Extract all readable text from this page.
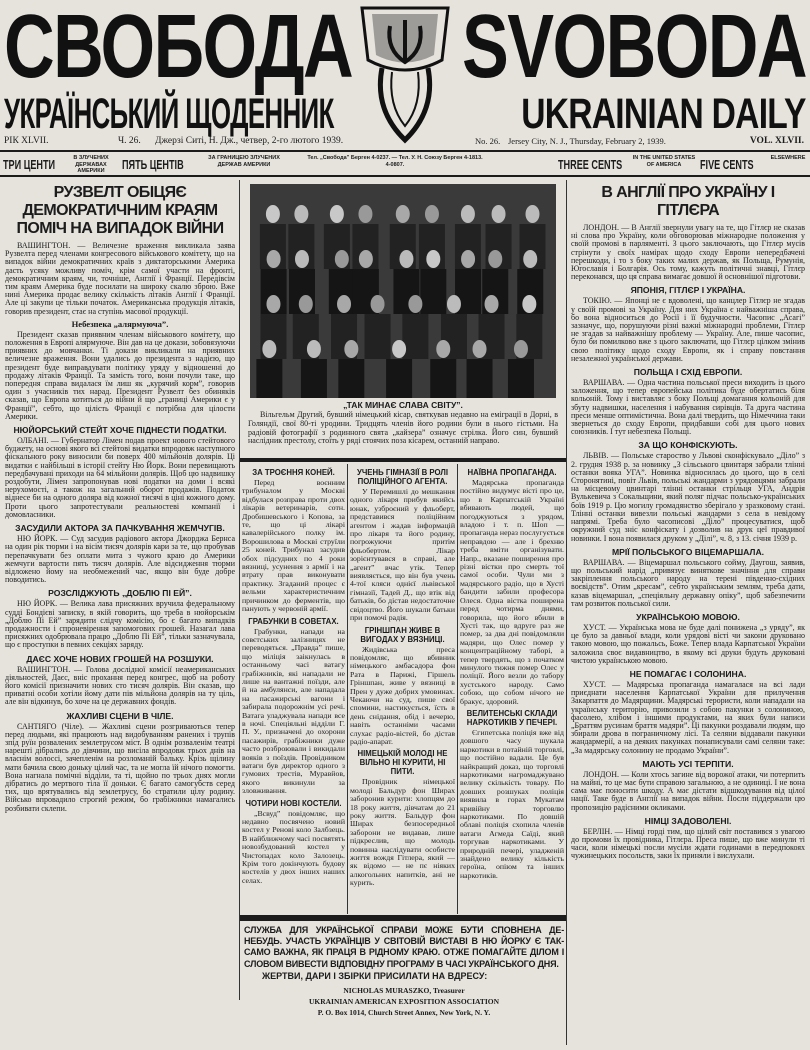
СВОБОДА SVOBODA
УКРАЇНСЬКИЙ ЩОДЕННИК	UKRAINIAN DAILY
РІК XLVII.	Ч. 26. Джерзі Ситі, Н. Дж., четвер, 2-го лютого 1939.	No. 26. Jersey City, N. J., Thursday, February 2, 1939.	VOL. XLVII.
ТРИ ЦЕНТИ	В ЗЛУЧЕНИХ ДЕРЖАВАХ АМЕРИКИ	ПЯТЬ ЦЕНТІВ	ЗА ГРАНИЦЕЮ ЗЛУЧЕНИХ ДЕРЖАВ АМЕРИКИ
Тел. „Свобода” Берген 4-0237. — Тел. У. Н. Союзу Берген 4-1813. 4-0807.	THREE CENTS	IN THE UNITED STATES OF AMERICA	FIVE CENTS	ELSEWHERE

„ТАК МИНАЄ СЛАВА СВІТУ”.

Вільгельм Другий, бувший німецький кісар, святкував недавно на еміграції в Дорні, в Голяндії, свої 80-ті уродини. Тридцять членів його родини були в нього гістьми. На радіовій фотографії з родинного свята „кайзера” означує стрілка. Його син, бувший наслідник престолу, стоїть у рядi стоячих поза кісарем, останній направо.

РУЗВЕЛТ ОБІЦЯЄ ДЕМОКРАТИЧНИМ КРАЯМ ПОМІЧ НА ВИПАДОК ВІЙНИ

ВАШИНГТОН. — Величезне враження викликала заява Рузвелта перед членами конгресового військового комітету, що на випадок війни демократичних країв з диктаторськими Америка дасть усяку можливу поміч, крім самої участи на фронті, демократичним краям, чи, точніше, Англії і Франції. Передівсім тим краям Америка буде посилати на широку скалю зброю. Вже нині Америка продає велику скількість літаків Англії і Франції. Але ці закупи це тільки початок. Американська продукція літаків, говорив президент, стає на ступінь масової продукції.

Небезпека „алярмуюча”.

Президент сказав приявним членам військового комітету, що положення в Европі алярмуюче. Він дав на це докази, зобовязуючи приявних до мовчанки. Ті докази викликали на приявних величезне враження. Вони удались до президента з надією, що президент буде виправдувати політику уряду у відношенні до продажу літаків Франції. Та замість того, вони почули таке, що попередня справа видалася їм лиш як „курячий корм”, говорив один з учасників тих нарад. Президент Рузвелт без обиняків сказав, що Европа котиться до війни й що „границі Америки є у Франції”, себто, що цілість Франції є потрібна для цілости Америки.

НЮЙОРСЬКИЙ СТЕЙТ ХОЧЕ ПІДНЕСТИ ПОДАТКИ.

ОЛБАНІ. — Губернатор Лімен подав проект нового стейтового буджету, на основі якого всі стейтові видатки впродовж наступного фіскального року виносили би поверх 400 мільйонів долярів. Ці видатки є найбільші в історії стейту Ню Йорк. Вони перевищають передбачувані приходи на 64 мільйони долярів. Щоб цю надвишку роздобути, Лімен запропонував нові податки на доми і всякі нерухомості, а також на загальний оборот продажів. Податок віднесе би на одного доляра від кожної тисячі в ціні кожного дому. Проти цього запротестували реальностеві компанії і домовласники.

ЗАСУДИЛИ АКТОРА ЗА ПАЧКУВАННЯ ЖЕМЧУГІВ.

НЮ ЙОРК. — Суд засудив радіового актора Джорджа Бернса на один рік тюрми і на вісім тисяч долярів кари за те, що пробував перепачкувати без оплати мита з чужого краю до Америки жемчуги вартости пять тисяч долярів. Але відсидження тюрми відложено йому на необмежений час, якщо він буде добре поводитись.

РОЗСЛІДЖУЮТЬ „ДОБЛЮ ПІ ЕЙ”.

НЮ ЙОРК. — Велика лава присяжних вручила федеральному судді Бондієві записку, в якій говорить, що треба в нюйорськім „Доблю Пі Ей” зарядити слідчу комісію, бо є багато випадків продажности і спроневірення запомогових грошей. Назагал лава присяжних одобрювала працю „Доблю Пі Ей”, тільки зазначувала, що є проступки в певних секціях заряду.

ДАЄС ХОЧЕ НОВИХ ГРОШЕЙ НА РОЗШУКИ.

ВАШИНГТОН. — Голова дослідної комісії неамериканських діяльностей, Даєс, вніс прохання перед конгрес, щоб на роботу його комісії призначити нових сто тисяч долярів. Він сказав, що приватні особи хотіли йому дати пів мільйона долярів на ту ціль, але він відкинув, бо хоче на це державних фондів.

ЖАХЛИВІ СЦЕНИ В ЧІЛЕ.

САНТІЯГО (Чіле). — Жахливі сцени розгриваються тепер перед людьми, які працюють над видобуванням ранених і трупів зпід руїн розвалених землетрусом міст. В однім розваленім театрі нарешті дібрались до дівчини, що висіла впродовж трьох днів на власнім волоссі, зачепленім на розломаній бальку. Крізь щілину мати бачила свою доньку цілий час, та не могла їй нічого помогти. Вона нагнала помічні відділи, та ті, щойно по трьох днях могли дібратись до мертвого тіла її доньки. Є багато самогубств серед тих, що врятувались від землетрусу, бо стратили цілу родину. Військо впровадило строгий режим, бо грабіжники намагались розбивати склепи.

ЗА ТРОЄННЯ КОНЕЙ.

Перед воєнним трибуналом у Москві відбулася розправа проти двох лікарів ветеринарів, сотн. Дробишевського і Копова, за те, що ці лікарі кавалерійського полку ім. Ворошилова в Москві струїли 25 коней. Трибунал засудив обох підсудних по 4 роки вязниці, усунення з армії і на втрату прав виконувати практику. Згаданий процес є вельми характеристичним причинком до ферментів, що панують у червоній армії.

ГРАБУНКИ В СОВЕТАХ.

Грабунки, напади на совєтських залізницях не переводяться. „Правда” пише, що міліція заікнулась в останньому часі ватагу грабіжників, які нападали не лише на вантажні поїзди, але й на амбулянси, але нападала на пасажирські вагони і забирала подорожнім усі речі. Ватага уладжувала напади все в ночі. Спеціяльні відділи Г. П. У., призначені до охорони пасажирів, грабіжники дуже часто розброювали і викидали вояків з поїздів. Провідником ватаги був директор одного з гумових трестів, Муравйов, якого викинули за зловживання.

ЧОТИРИ НОВІ КОСТЕЛИ.

„Всвуд” повідомляє, що недавно посвячено новий костел у Ренові коло Залбзець. В найближчому часі посвятять новозбудований костел у Чистопадах коло Залозець. Крім того докінчують будову костелів у двох інших наших селах.

УЧЕНЬ ГІМНАЗІЇ В РОЛІ ПОЛІЦІЙНОГО АГЕНТА.

У Перемишлі до мешкання одного лікаря прибув якийсь юнак, узброєний у фльоберт, представився поліційним агентом і жадав інформацій про лікаря та його родину, погрожуючи притім фльобертом. Лікар зорієнтувався в справі, але „агент” вчас утік. Тепер виявляється, що він був учень 4-тої кляси однієї львівської гімназії, Тадей Д., що втік від батьків, бо дістав недостаточне свідоцтво. Його шукали батьки при помочі радія.

ГРІНШПАН ЖИВЕ В ВИГОДАХ У ВЯЗНИЦІ.

Жидівська преса повідомляє, що вбивник німецького амбасадора фон Рата в Парижі, Гіршель Гріншпан, живе у вязниці в Прен у дуже добрих умовинах. Чекаючи на суд, пише свої спомини, настикується, їсть в день снідання, обід і вечерю, навіть останніми часами слухає радіо-вістей, бо дістав радіо-апарат.

НІМЕЦЬКІЙ МОЛОДІ НЕ ВІЛЬНО НІ КУРИТИ, НІ ПИТИ.

Провідник німецької молоді Бальдур фон Ширах заборонив курити: хлопцям до 18 року життя, дівчатам до 21 року життя. Бальдур фон Ширах безпосередньої заборони не видавав, лише підкреслив, що молодь повинна наслідувати особисте життя вождя Гітлера, який — як відомо — не пє ніяких алкогольних напитків, ані не курить.

НАЇВНА ПРОПАГАНДА.

Мадярська пропаганда постійно видумує вісті про це, що в Карпатській Україні вбивають людей, що погоджуються з урядом, владою і т. п. Шоп — пропаганда нераз послугується неправдою — але і брехню треба вміти організувати. Напр., вказане поширення про різні вістки про смерть тої самої особи. Чули ми з мадярського радіо, що в Хусті бандити забили професора Олеся. Одна вістка поширена перед чотирма днями, говорила, що його вбили в Хусті так, що вдруге раз же помер, за два дні повідомляли мадяри, що Олес помер у концентраційному таборі, а тепер твердять, що з початком минулого тижня помер Олес у поліції. Його везли до табору хустського народу. Само собою, що собом нічого не бракує, здоровий.

ВЕЛИТЕНСЬКІ СКЛАДИ НАРКОТИКІВ У ПЕЧЕРІ.

Єгипетська поліція вже від довшого часу шукала наркотики в потайній торговлі, що постійно вадали. Це був найкращий доказ, що торговлі наркотиками нагромаджувано велику скількість товару. По довших розшуках поліція виявила в горах Мукатам кривійну торговлю наркотиками. По довшій облаві поліція схопила членів ватаги Агмеда Саїді, який торгував наркотиками. У природній печері, уладженій знайдено велику кількість героїна, опіюм та інших наркотиків.

В АНГЛІЇ ПРО УКРАЇНУ І ГІТЛЄРА

ЛОНДОН. — В Англії звернули увагу на те, що Гітлєр не сказав ні слова про Україну, коли обговорював міжнародне положення у своїй промові в парляменті. З цього заключають, що Гітлєр мусів стрінути у своїх намірах щодо сходу Европи непередбачені перешкоди, і то з боку таких малих держав, як Польща, Румунія, Югославія і Болгарія. Ось тому, кажуть політичні знавці, Гітлєр переконався, що ця справа вимагає довшої й основнішої підготови.

ЯПОНІЯ, ГІТЛЄР І УКРАЇНА.

ТОКІЮ. — Японці не є вдоволені, що канцлер Гітлєр не згадав у своїй промові за Україну. Для них Україна є найважніша справа, бо вона відноситься до Росії і її будучности. Часопис „Асагі” зазначує, що, порушуючи різні важні міжнародні проблеми, Гітлєр не згадав за найважнішу проблему — Україну. Але, пише часопис, було би помилково вже з цього заключати, що Гітлєр цілком змінив свою політику щодо сходу Европи, як і справу повстання незалежної української держави.

ПОЛЬЩА І СХІД ЕВРОПИ.

ВАРШАВА. — Одна частина польської преси виходить із цього заложення, що тепер европейська політика буде обертатись біля кольоній. Тому і виставляє з боку Польщі домагання кольоній для збуту надвишки, населення і набування сирівців. Та друга частина преси менше оптимістична. Вона далі твердить, що Німеччина таки звернеться до сходу Европи, придбавши собі для цього нових союзників. І тут небезпека Польщі.

ЗА ЩО КОНФІСКУЮТЬ.

ЛЬВІВ. — Польське староство у Львові сконфіскувало „Діло” з 2. грудня 1938 р. за новинку „З сільського цвинтаря забрали тлінні останки вояка УГА”. Новинка відносилась до цього, що в селі Сторонятині, повіт Львів, польські жандарми з урядовцями забрали на місцевому цвинтарі тлінні останки стрільця УГА, Андрія Вулькевича з Сокальщини, який поляг підчас польсько-українських боїв 1919 р. Цю могилу громадянство зберігало у зразковому стані. Тлінні останки вивезли польські жандарми з села в невідому напрямі. Треба було часописові „Діло” процесуватися, щоб окружний суд зніс конфіскату і дозволив на друк цеї правдивої новинки. І вона появилася друком у „Ділі”, ч. 8, з 13. січня 1939 р.

МРІЇ ПОЛЬСЬКОГО ВІЦЕМАРШАЛА.

ВАРШАВА. — Віцемаршал польського сойму, Даугош, заявив, що польський нарід „привязує виняткове значіння для справи закріплення польського народу на терені південно-східних воєвідств”. Отим „кресам”, себто українським землям, треба дати, казав віцемаршал, „спеціяльну державну опіку”, щоб забезпечити там розвиток польської сили.

УКРАЇНСЬКОЮ МОВОЮ.

ХУСТ. — Українська мова не буде далі понижена „з уряду”, як це було за давньої влади, коли урядові вісті чи закони друковано такою мовою, що пожальсь, Боже. Тепер влада Карпатської України заложила своє видавництво, в якому всі друки будуть друковані чистою українською мовою.

НЕ ПОМАГАЄ І СОЛОНИНА.

ХУСТ. — Мадярська пропаганда намагалася на всі лади приєднати населення Карпатської України для прилучення Закарпаття до Мадярщини. Мадярські терористи, коли нападали на українську територію, привозили з собою пакунки з солониною, фасолею, хлібом і іншими продуктами, на яких були написи „Браттям русинам браття мадяри”. Ці пакунки роздавали людям, що збирали дрова в пограничному лісі. Та селяни віддавали пакунки жандармерії, а на деяких пакунках понаписували самі селяни таке: „За мадярську солонину не продамо України”.

МАЮТЬ УСІ ТЕРПІТИ.

ЛОНДОН. — Коли хтось загине від ворожої атаки, чи потерпить на майні, то це має бути справою загальною, а не одиниці. І не вона сама має поносити шкоду. А має дістати відшкодування від цілої нації. Таке буде в Англії на випадок війни. Посли піддержали цю пропозицію радісними окликами.

НІМЦІ ЗАДОВОЛЕНІ.

БЕРЛІН. — Німці горді тим, що цілий світ поставився з увагою до промови їх провідника, Гітлєра. Преса пише, що вже минули ті часи, коли німецькі посли мусіли ждати годинами в передпокоях чужинецьких посольств, заки їх приняли і вислухали.

СЛУЖБА ДЛЯ УКРАЇНСЬКОЇ СПРАВИ МОЖЕ БУТИ СПОВНЕНА ДЕ-НЕБУДЬ. УЧАСТЬ УКРАЇНЦІВ У СВІТОВІЙ ВИСТАВІ В НЮ ЙОРКУ Є ТАК-САМО ВАЖНА, ЯК ПРАЦЯ В РІДНОМУ КРАЮ. ОТЖЕ ПОМАГАЙТЕ ДІЛОМ І СЛОВОМ ВИВЕСТИ ВІДПОВІДНУ ПРОГРАМУ В ЧАСІ УКРАЇНСЬКОГО ДНЯ.
ЖЕРТВИ, ДАРИ І ЗБІРКИ ПРИСИЛАТИ НА ВДРЕСУ:
NICHOLAS MURASZKO, Treasurer
UKRAINIAN AMERICAN EXPOSITION ASSOCIATION
P. O. Box 1014, Church Street Annex, New York, N. Y.
